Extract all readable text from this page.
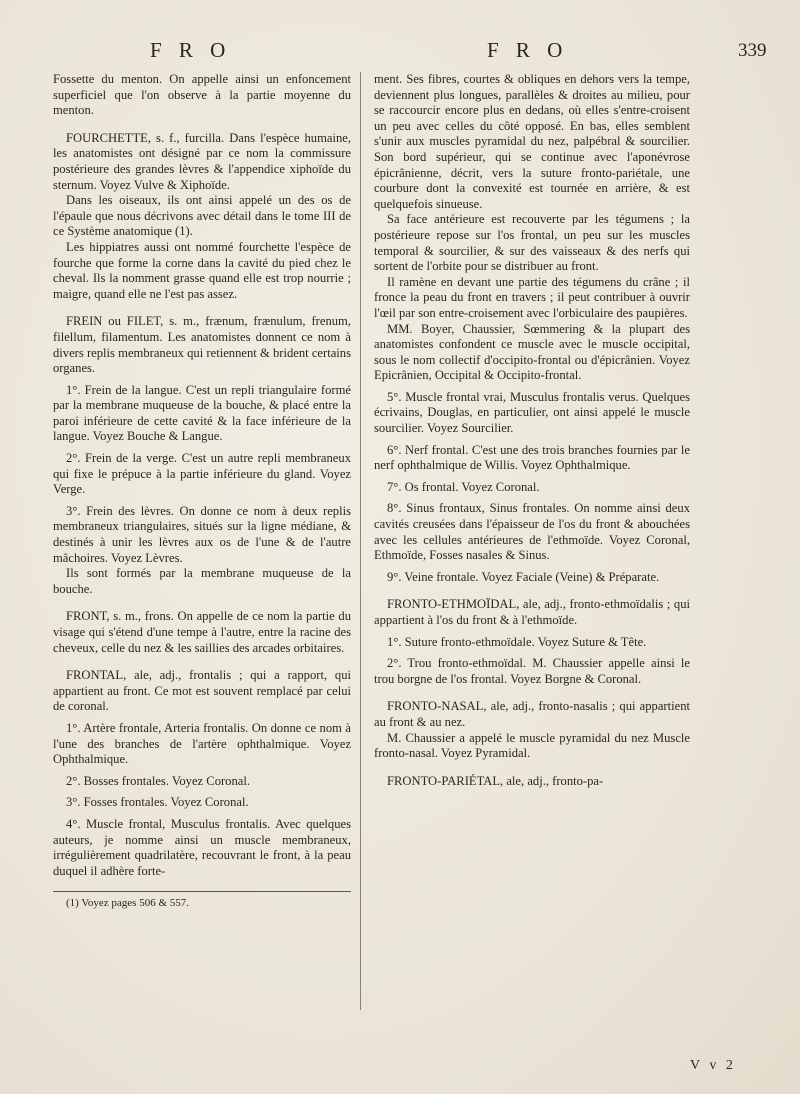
F R O	F R O	339

Fossette du menton. On appelle ainsi un enfoncement superficiel que l'on observe à la partie moyenne du menton.

FOURCHETTE, s. f., furcilla. Dans l'espèce humaine, les anatomistes ont désigné par ce nom la commissure postérieure des grandes lèvres & l'appendice xiphoïde du sternum. Voyez Vulve & Xiphoïde.

Dans les oiseaux, ils ont ainsi appelé un des os de l'épaule que nous décrivons avec détail dans le tome III de ce Système anatomique (1).

Les hippiatres aussi ont nommé fourchette l'espèce de fourche que forme la corne dans la cavité du pied chez le cheval. Ils la nomment grasse quand elle est trop nourrie ; maigre, quand elle ne l'est pas assez.

FREIN ou FILET, s. m., frænum, frænulum, frenum, filellum, filamentum. Les anatomistes donnent ce nom à divers replis membraneux qui retiennent & brident certains organes.

1°. Frein de la langue. C'est un repli triangulaire formé par la membrane muqueuse de la bouche, & placé entre la paroi inférieure de cette cavité & la face inférieure de la langue. Voyez Bouche & Langue.

2°. Frein de la verge. C'est un autre repli membraneux qui fixe le prépuce à la partie inférieure du gland. Voyez Verge.

3°. Frein des lèvres. On donne ce nom à deux replis membraneux triangulaires, situés sur la ligne médiane, & destinés à unir les lèvres aux os de l'une & de l'autre mâchoires. Voyez Lèvres.

Ils sont formés par la membrane muqueuse de la bouche.

FRONT, s. m., frons. On appelle de ce nom la partie du visage qui s'étend d'une tempe à l'autre, entre la racine des cheveux, celle du nez & les saillies des arcades orbitaires.

FRONTAL, ale, adj., frontalis ; qui a rapport, qui appartient au front. Ce mot est souvent remplacé par celui de coronal.

1°. Artère frontale, Arteria frontalis. On donne ce nom à l'une des branches de l'artère ophthalmique. Voyez Ophthalmique.

2°. Bosses frontales. Voyez Coronal.

3°. Fosses frontales. Voyez Coronal.

4°. Muscle frontal, Musculus frontalis. Avec quelques auteurs, je nomme ainsi un muscle membraneux, irrégulièrement quadrilatère, recouvrant le front, à la peau duquel il adhère forte-

(1) Voyez pages 506 & 557.

ment. Ses fibres, courtes & obliques en dehors vers la tempe, deviennent plus longues, parallèles & droites au milieu, pour se raccourcir encore plus en dedans, où elles s'entre-croisent un peu avec celles du côté opposé. En bas, elles semblent s'unir aux muscles pyramidal du nez, palpébral & sourcilier. Son bord supérieur, qui se continue avec l'aponévrose épicrânienne, décrit, vers la suture fronto-pariétale, une courbure dont la convexité est tournée en arrière, & est quelquefois sinueuse.

Sa face antérieure est recouverte par les tégumens ; la postérieure repose sur l'os frontal, un peu sur les muscles temporal & sourcilier, & sur des vaisseaux & des nerfs qui sortent de l'orbite pour se distribuer au front.

Il ramène en devant une partie des tégumens du crâne ; il fronce la peau du front en travers ; il peut contribuer à ouvrir l'œil par son entre-croisement avec l'orbiculaire des paupières.

MM. Boyer, Chaussier, Sœmmering & la plupart des anatomistes confondent ce muscle avec le muscle occipital, sous le nom collectif d'occipito-frontal ou d'épicrânien. Voyez Epicrânien, Occipital & Occipito-frontal.

5°. Muscle frontal vrai, Musculus frontalis verus. Quelques écrivains, Douglas, en particulier, ont ainsi appelé le muscle sourcilier. Voyez Sourcilier.

6°. Nerf frontal. C'est une des trois branches fournies par le nerf ophthalmique de Willis. Voyez Ophthalmique.

7°. Os frontal. Voyez Coronal.

8°. Sinus frontaux, Sinus frontales. On nomme ainsi deux cavités creusées dans l'épaisseur de l'os du front & abouchées avec les cellules antérieures de l'ethmoïde. Voyez Coronal, Ethmoïde, Fosses nasales & Sinus.

9°. Veine frontale. Voyez Faciale (Veine) & Préparate.

FRONTO-ETHMOÏDAL, ale, adj., fronto-ethmoïdalis ; qui appartient à l'os du front & à l'ethmoïde.

1°. Suture fronto-ethmoïdale. Voyez Suture & Tête.

2°. Trou fronto-ethmoïdal. M. Chaussier appelle ainsi le trou borgne de l'os frontal. Voyez Borgne & Coronal.

FRONTO-NASAL, ale, adj., fronto-nasalis ; qui appartient au front & au nez.

M. Chaussier a appelé le muscle pyramidal du nez Muscle fronto-nasal. Voyez Pyramidal.

FRONTO-PARIÉTAL, ale, adj., fronto-pa-

V v 2
